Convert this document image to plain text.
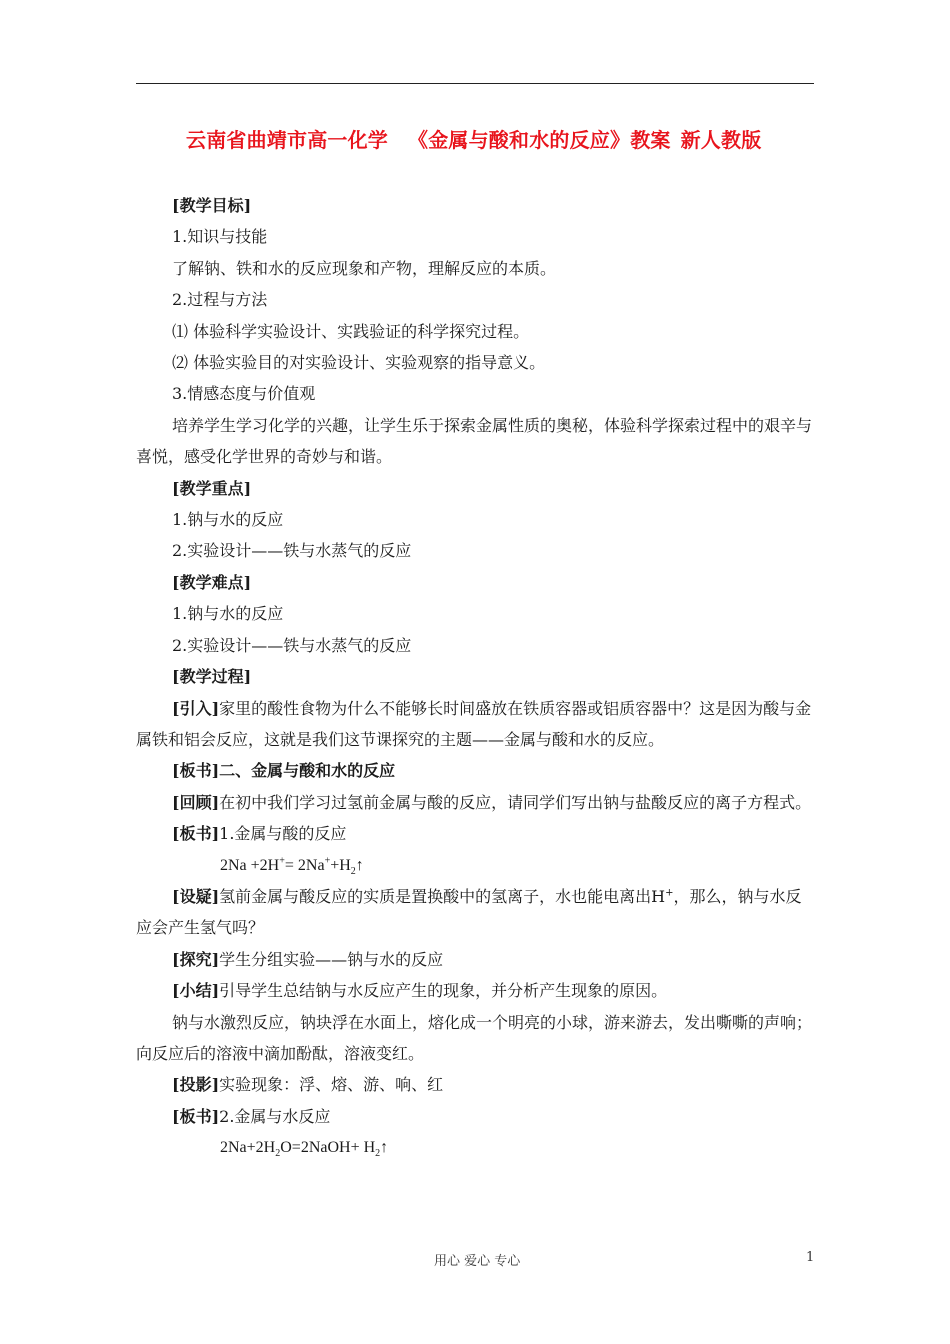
云南省曲靖市高一化学 《金属与酸和水的反应》教案 新人教版
[教学目标]
1.知识与技能
了解钠、铁和水的反应现象和产物，理解反应的本质。
2.过程与方法
⑴ 体验科学实验设计、实践验证的科学探究过程。
⑵ 体验实验目的对实验设计、实验观察的指导意义。
3.情感态度与价值观
培养学生学习化学的兴趣，让学生乐于探索金属性质的奥秘，体验科学探索过程中的艰辛与喜悦，感受化学世界的奇妙与和谐。
[教学重点]
1.钠与水的反应
2.实验设计——铁与水蒸气的反应
[教学难点]
1.钠与水的反应
2.实验设计——铁与水蒸气的反应
[教学过程]
[引入]家里的酸性食物为什么不能够长时间盛放在铁质容器或铝质容器中？这是因为酸与金属铁和铝会反应，这就是我们这节课探究的主题——金属与酸和水的反应。
[板书]二、金属与酸和水的反应
[回顾]在初中我们学习过氢前金属与酸的反应，请同学们写出钠与盐酸反应的离子方程式。
[板书]1.金属与酸的反应
$2Na +2H^+= 2Na^++H_2↑$
[设疑]氢前金属与酸反应的实质是置换酸中的氢离子，水也能电离出H+，那么，钠与水反应会产生氢气吗？
[探究]学生分组实验——钠与水的反应
[小结]引导学生总结钠与水反应产生的现象，并分析产生现象的原因。
钠与水激烈反应，钠块浮在水面上，熔化成一个明亮的小球，游来游去，发出嘶嘶的声响；向反应后的溶液中滴加酚酞，溶液变红。
[投影]实验现象：浮、熔、游、响、红
[板书]2.金属与水反应
$2Na+2H_2O=2NaOH+$ $H_2↑$
用心 爱心 专心	1
